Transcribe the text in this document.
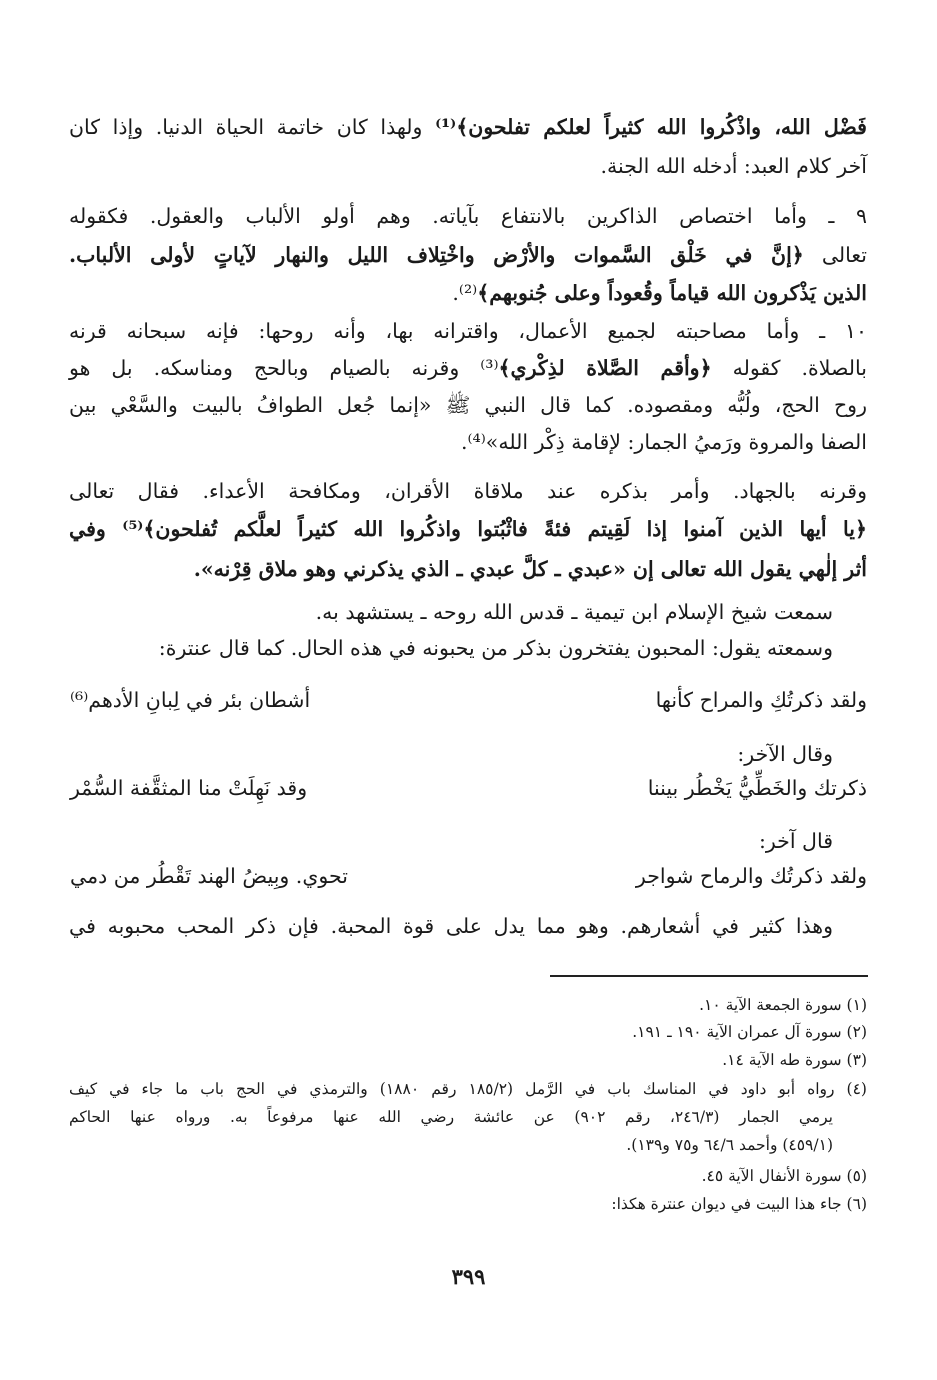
فَضْل الله، واذْكُروا الله كثيراً لعلكم تفلحون﴾⁽¹⁾ ولهذا كان خاتمة الحياة الدنيا. وإذا كان
آخر كلام العبد: أدخله الله الجنة.
٩ ـ وأما اختصاص الذاكرين بالانتفاع بآياته. وهم أولو الألباب والعقول. فكقوله
تعالى ﴿إنَّ في خَلْق السَّموات والأرْض واخْتِلاف الليل والنهار لآياتٍ لأولى الألباب.
الذين يَذْكرون الله قياماً وقُعوداً وعلى جُنوبهم﴾⁽²⁾.
١٠ ـ وأما مصاحبته لجميع الأعمال، واقترانه بها، وأنه روحها: فإنه سبحانه قرنه
بالصلاة. كقوله ﴿وأقم الصَّلاة لذِكْري﴾⁽³⁾ وقرنه بالصيام وبالحج ومناسكه. بل هو
روح الحج، ولُبُّه ومقصوده. كما قال النبي ﷺ «إنما جُعل الطوافُ بالبيت والسَّعْي بين
الصفا والمروة ورَميُ الجمار: لإقامة ذِكْر الله»⁽⁴⁾.
وقرنه بالجهاد. وأمر بذكره عند ملاقاة الأقران، ومكافحة الأعداء. فقال تعالى
﴿يا أيها الذين آمنوا إذا لَقِيتم فئةً فاثْبُتوا واذكُروا الله كثيراً لعلَّكم تُفلحون﴾⁽⁵⁾ وفي
أثر إلٰهي يقول الله تعالى إن «عبدي ـ كلَّ عبدي ـ الذي يذكرني وهو ملاق قِرْنه».
سمعت شيخ الإسلام ابن تيمية ـ قدس الله روحه ـ يستشهد به.
وسمعته يقول: المحبون يفتخرون بذكر من يحبونه في هذه الحال. كما قال عنترة:
ولقد ذكرتُكِ والمراح كأنها
أشطان بئر في لِبانِ الأدهم⁽⁶⁾
وقال الآخر:
ذكرتك والخَطِّيُّ يَخْطُر بيننا
وقد نَهِلَتْ منا المثقَّفة السُّمْر
قال آخر:
ولقد ذكرتُك والرماح شواجر
تحوي. وبِيضُ الهند تَقْطُر من دمي
وهذا كثير في أشعارهم. وهو مما يدل على قوة المحبة. فإن ذكر المحب محبوبه في
(١) سورة الجمعة الآية ١٠.
(٢) سورة آل عمران الآية ١٩٠ ـ ١٩١.
(٣) سورة طه الآية ١٤.
(٤) رواه أبو داود في المناسك باب في الرَّمل (١٨٥/٢ رقم ١٨٨٠) والترمذي في الحج باب ما جاء في كيف
يرمي الجمار (٢٤٦/٣، رقم ٩٠٢) عن عائشة رضي الله عنها مرفوعاً به. ورواه عنها الحاكم
(٤٥٩/١) وأحمد ٦٤/٦ و٧٥ و١٣٩).
(٥) سورة الأنفال الآية ٤٥.
(٦) جاء هذا البيت في ديوان عنترة هكذا:
٣٩٩
